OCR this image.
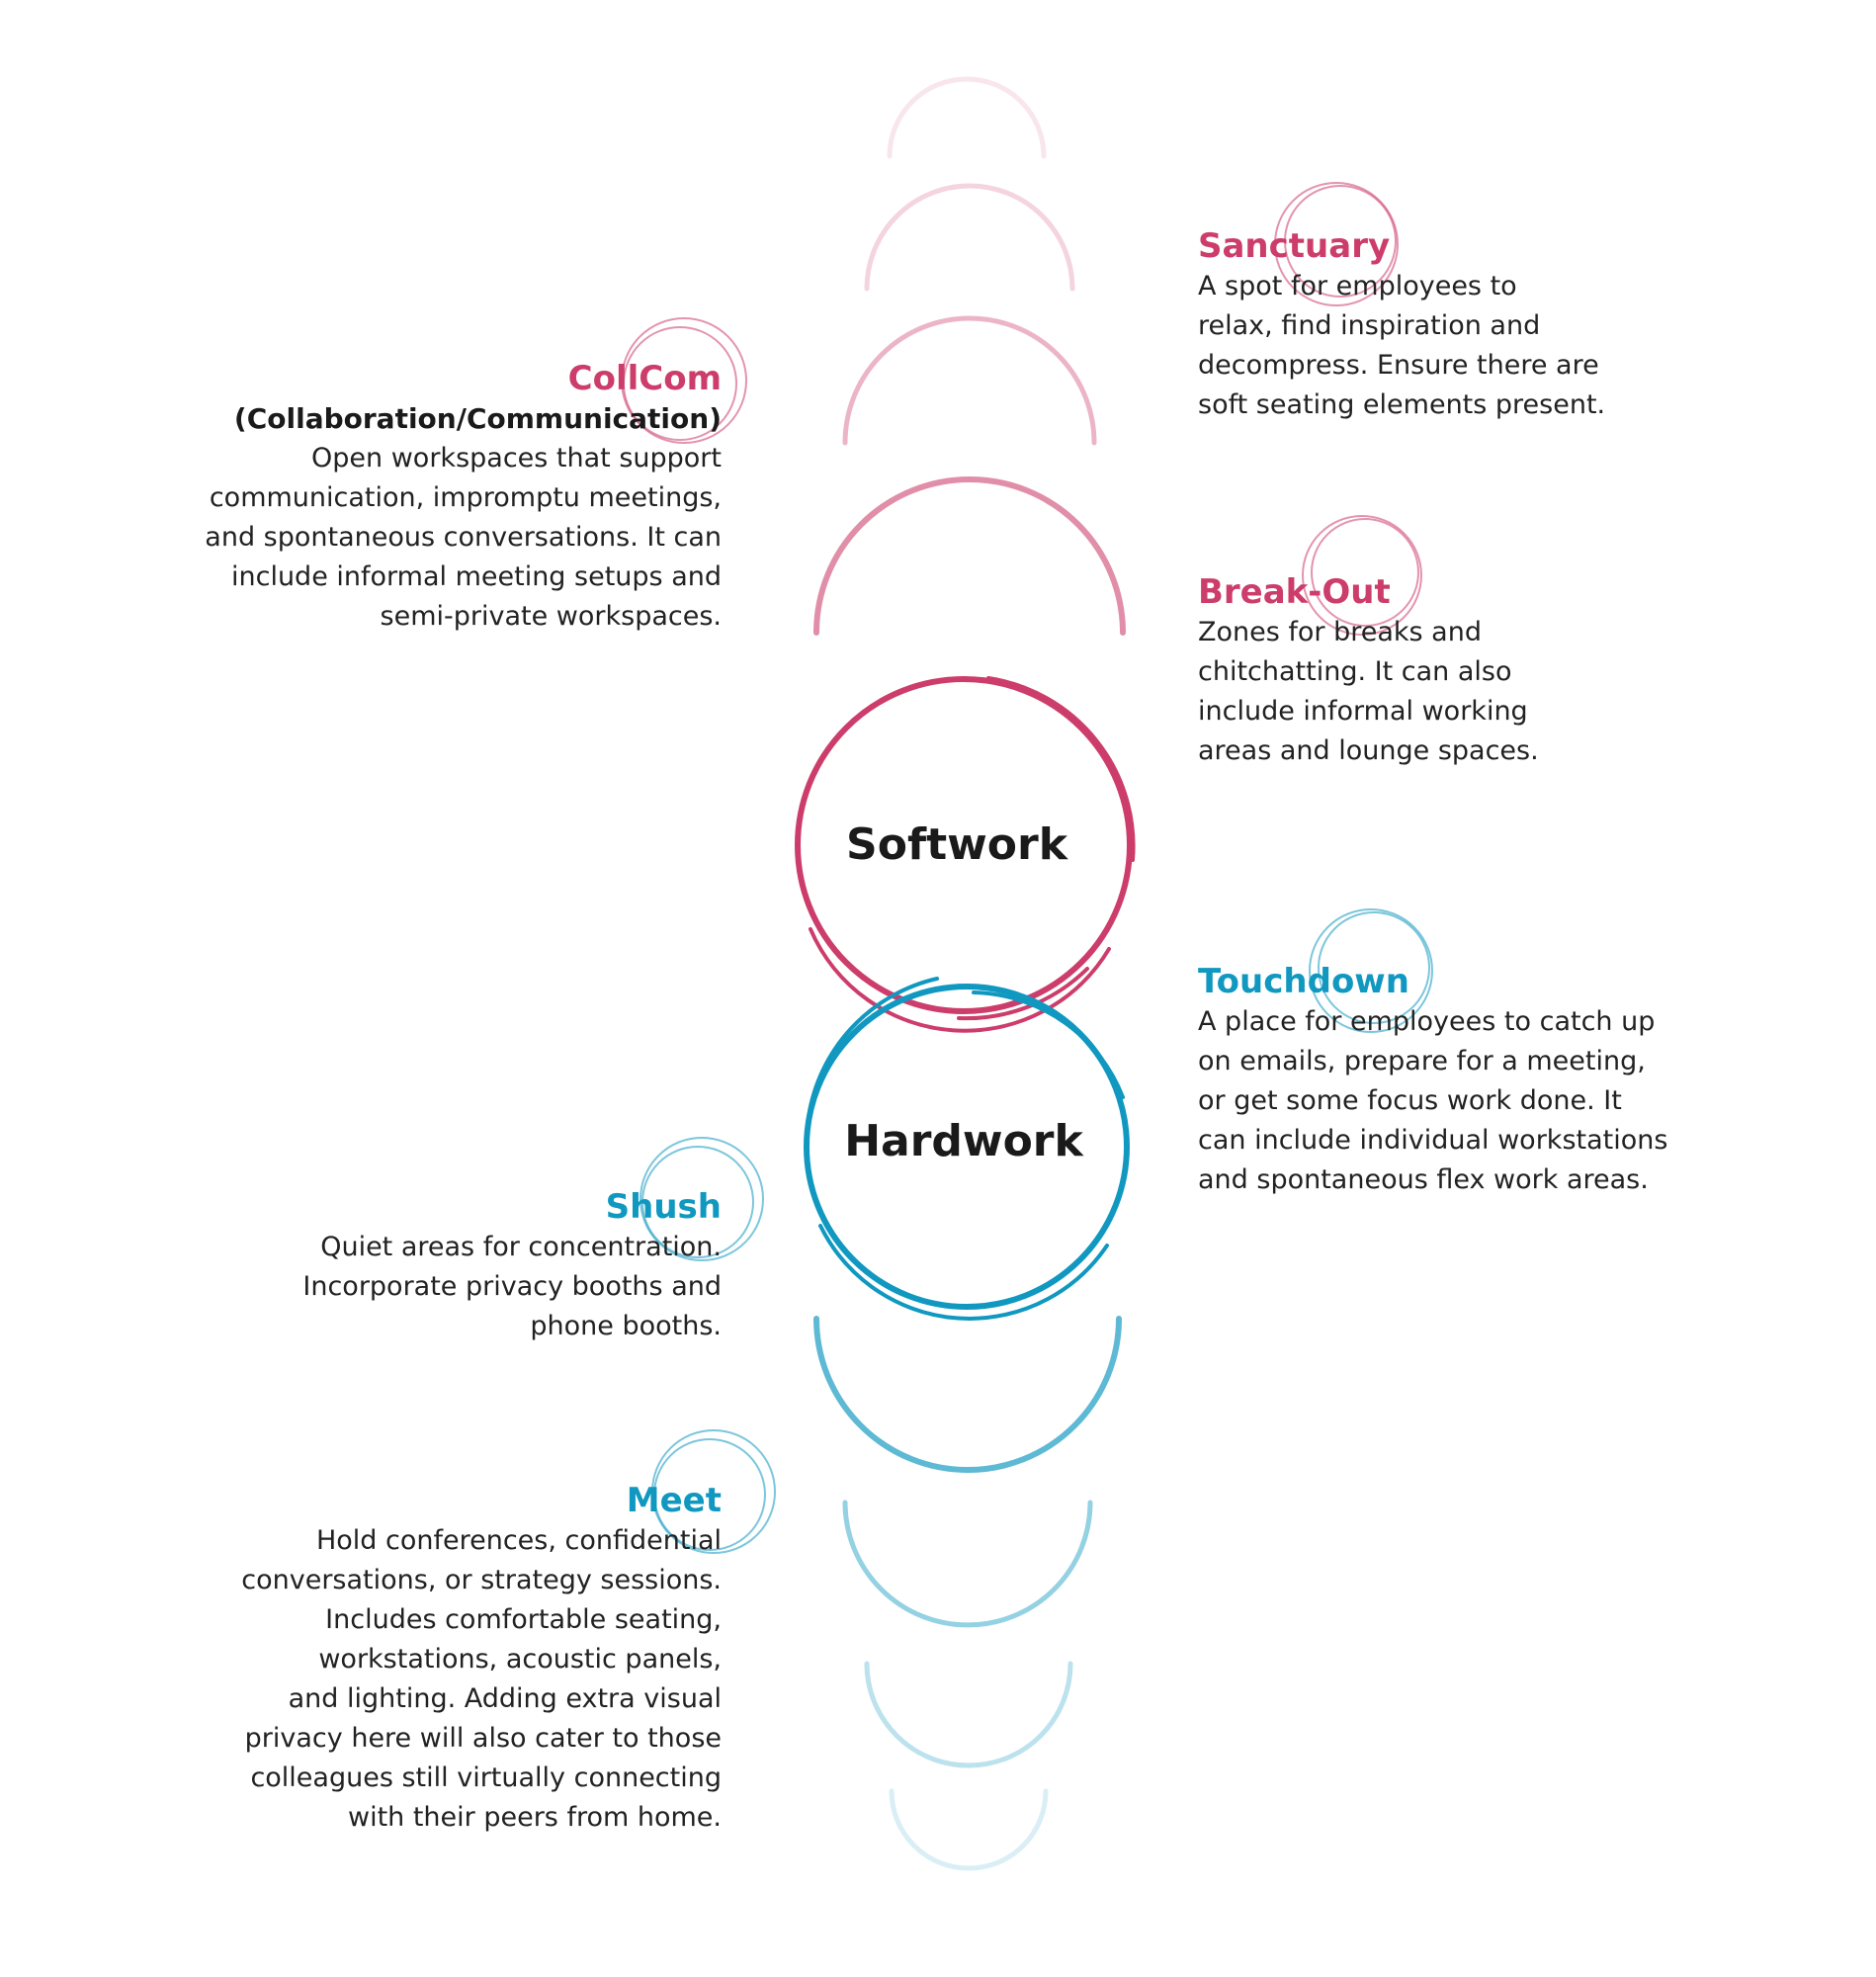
Softwork
Hardwork
Sanctuary
A spot for employees to
relax, find inspiration and
decompress. Ensure there are
soft seating elements present.
CollCom
(Collaboration/Communication)
Open workspaces that support
communication, impromptu meetings,
and spontaneous conversations. It can
include informal meeting setups and
semi-private workspaces.
Break-Out
Zones for breaks and
chitchatting. It can also
include informal working
areas and lounge spaces.
Touchdown
A place for employees to catch up
on emails, prepare for a meeting,
or get some focus work done. It
can include individual workstations
and spontaneous flex work areas.
Shush
Quiet areas for concentration.
Incorporate privacy booths and
phone booths.
Meet
Hold conferences, confidential
conversations, or strategy sessions.
Includes comfortable seating,
workstations, acoustic panels,
and lighting. Adding extra visual
privacy here will also cater to those
colleagues still virtually connecting
with their peers from home.
